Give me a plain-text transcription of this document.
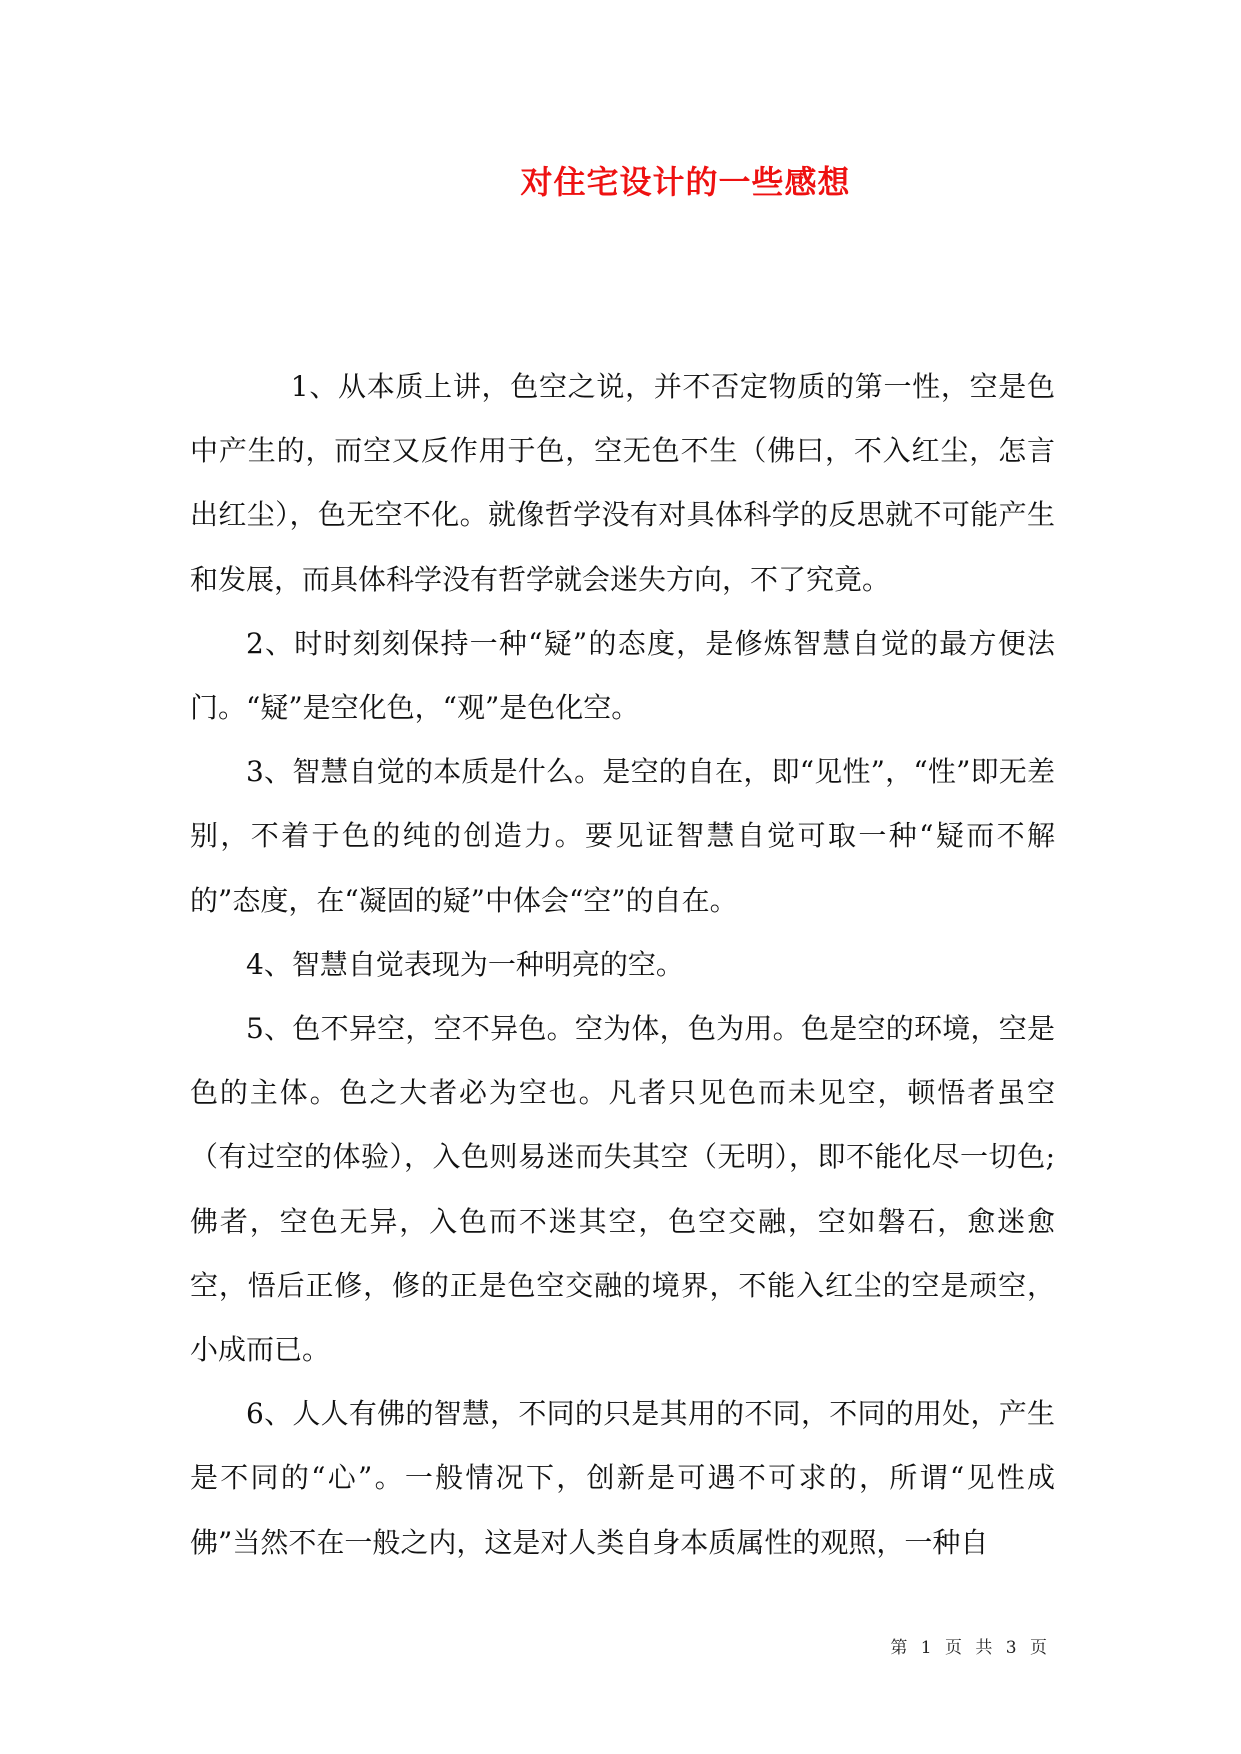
对住宅设计的一些感想

1、从本质上讲，色空之说，并不否定物质的第一性，空是色中产生的，而空又反作用于色，空无色不生（佛曰，不入红尘，怎言出红尘），色无空不化。就像哲学没有对具体科学的反思就不可能产生和发展，而具体科学没有哲学就会迷失方向，不了究竟。

2、时时刻刻保持一种“疑”的态度，是修炼智慧自觉的最方便法门。“疑”是空化色，“观”是色化空。

3、智慧自觉的本质是什么。是空的自在，即“见性”，“性”即无差别，不着于色的纯的创造力。要见证智慧自觉可取一种“疑而不解的”态度，在“凝固的疑”中体会“空”的自在。

4、智慧自觉表现为一种明亮的空。

5、色不异空，空不异色。空为体，色为用。色是空的环境，空是色的主体。色之大者必为空也。凡者只见色而未见空，顿悟者虽空（有过空的体验），入色则易迷而失其空（无明），即不能化尽一切色;佛者，空色无异，入色而不迷其空，色空交融，空如磐石，愈迷愈空，悟后正修，修的正是色空交融的境界，不能入红尘的空是顽空，小成而已。

6、人人有佛的智慧，不同的只是其用的不同，不同的用处，产生是不同的“心”。一般情况下，创新是可遇不可求的，所谓“见性成佛”当然不在一般之内，这是对人类自身本质属性的观照，一种自

第 1 页 共 3 页
